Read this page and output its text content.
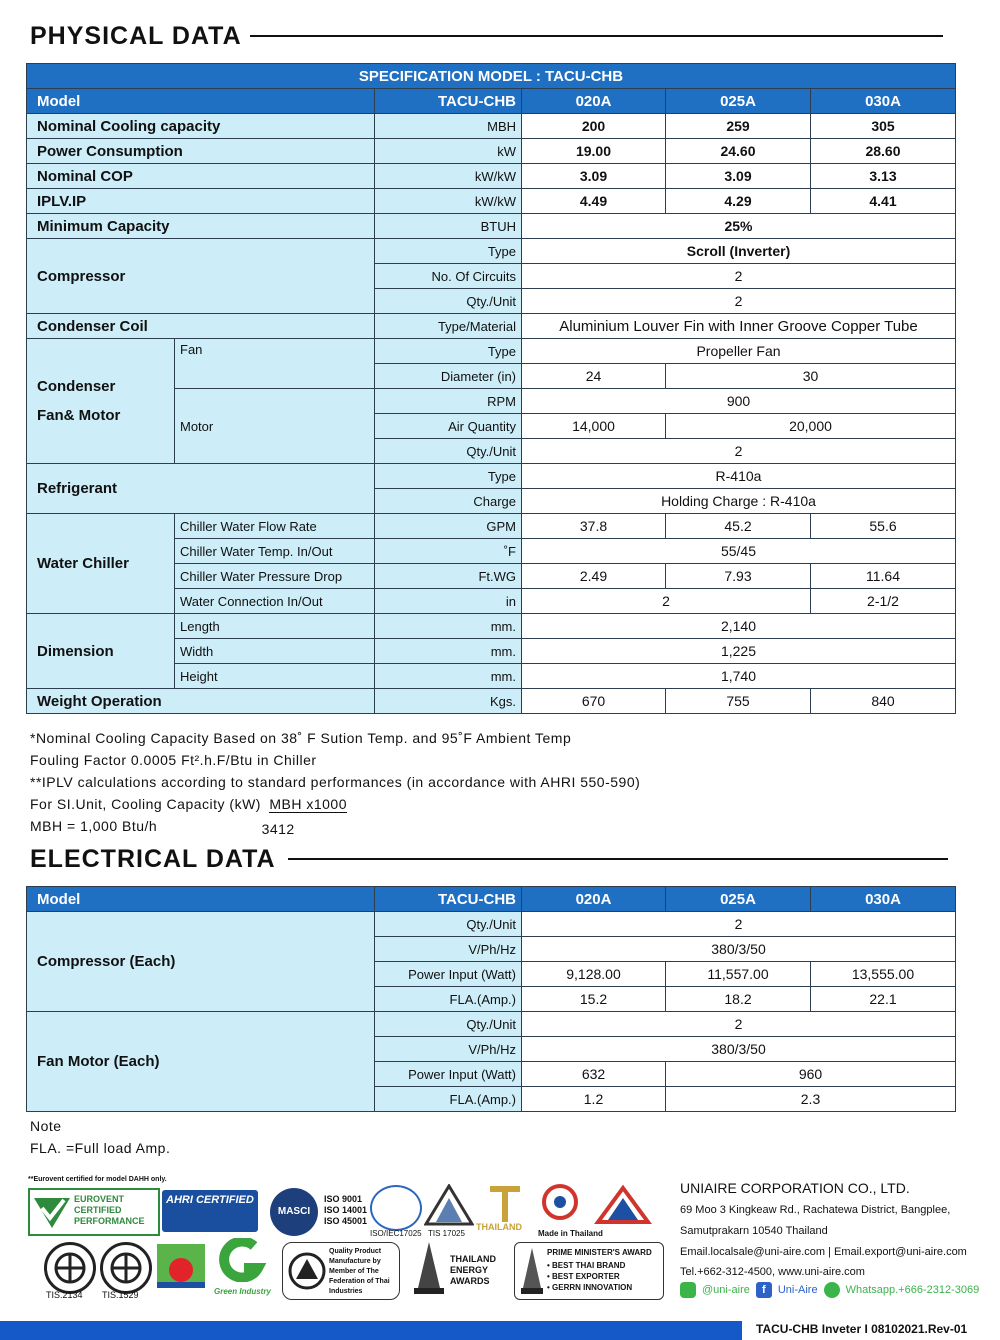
PHYSICAL DATA
SPECIFICATION MODEL : TACU-CHB					
Model		TACU-CHB	020A	025A	030A
Nominal Cooling capacity		MBH	200	259	305
Power Consumption		kW	19.00	24.60	28.60
Nominal COP		kW/kW	3.09	3.09	3.13
IPLV.IP		kW/kW	4.49	4.29	4.41
Minimum Capacity		BTUH	25%		
Compressor		Type	Scroll (Inverter)		
		No. Of Circuits	2		
		Qty./Unit	2		
Condenser Coil		Type/Material	Aluminium Louver Fin with Inner Groove Copper Tube		
Condenser
Fan& Motor	Fan	Type	Propeller Fan		
		Diameter (in)	24	30	
	Motor	RPM	900		
		Air Quantity	14,000	20,000	
		Qty./Unit	2		
Refrigerant		Type	R-410a		
		Charge	Holding Charge : R-410a		
Water Chiller	Chiller Water Flow Rate	GPM	37.8	45.2	55.6
	Chiller Water Temp. In/Out	˚F	55/45		
	Chiller Water Pressure Drop	Ft.WG	2.49	7.93	11.64
	Water Connection In/Out	in	2		2-1/2
Dimension	Length	mm.	2,140		
	Width	mm.	1,225		
	Height	mm.	1,740		
Weight Operation		Kgs.	670	755	840
*Nominal Cooling Capacity Based on 38˚ F Sution Temp. and 95˚F Ambient Temp
Fouling Factor 0.0005 Ft².h.F/Btu in Chiller
**IPLV calculations according to standard performances (in accordance with AHRI 550-590)
For SI.Unit, Cooling Capacity (kW) MBH x1000
MBH = 1,000 Btu/h	3412
ELECTRICAL DATA
Model	TACU-CHB	020A	025A	030A
Compressor (Each)	Qty./Unit	2		
	V/Ph/Hz	380/3/50		
	Power Input (Watt)	9,128.00	11,557.00	13,555.00
	FLA.(Amp.)	15.2	18.2	22.1
Fan Motor (Each)	Qty./Unit	2		
	V/Ph/Hz	380/3/50		
	Power Input (Watt)	632	960	
	FLA.(Amp.)	1.2	2.3	
Note
FLA. =Full load Amp.
**Eurovent certified for model DAHH only.
EUROVENT CERTIFIED PERFORMANCE
AHRI CERTIFIED
MASCI
ISO 9001 ISO 14001 ISO 45001
ISO/IEC17025 TIS 17025
THAILAND
Made in Thailand
TIS.2134 TIS.1529	Green Industry
Quality Product Manufacture by Member of The Federation of Thai Industries
THAILAND ENERGY AWARDS
PRIME MINISTER'S AWARD
• BEST THAI BRAND
• BEST EXPORTER
• GERRN INNOVATION
UNIAIRE CORPORATION CO., LTD.
69 Moo 3 Kingkeaw Rd., Rachatewa District, Bangplee,
Samutprakarn 10540 Thailand
Email.localsale@uni-aire.com | Email.export@uni-aire.com
Tel.+662-312-4500, www.uni-aire.com
@uni-aire	f	Uni-Aire	Whatsapp.+666-2312-3069
TACU-CHB Inveter I 08102021.Rev-01
